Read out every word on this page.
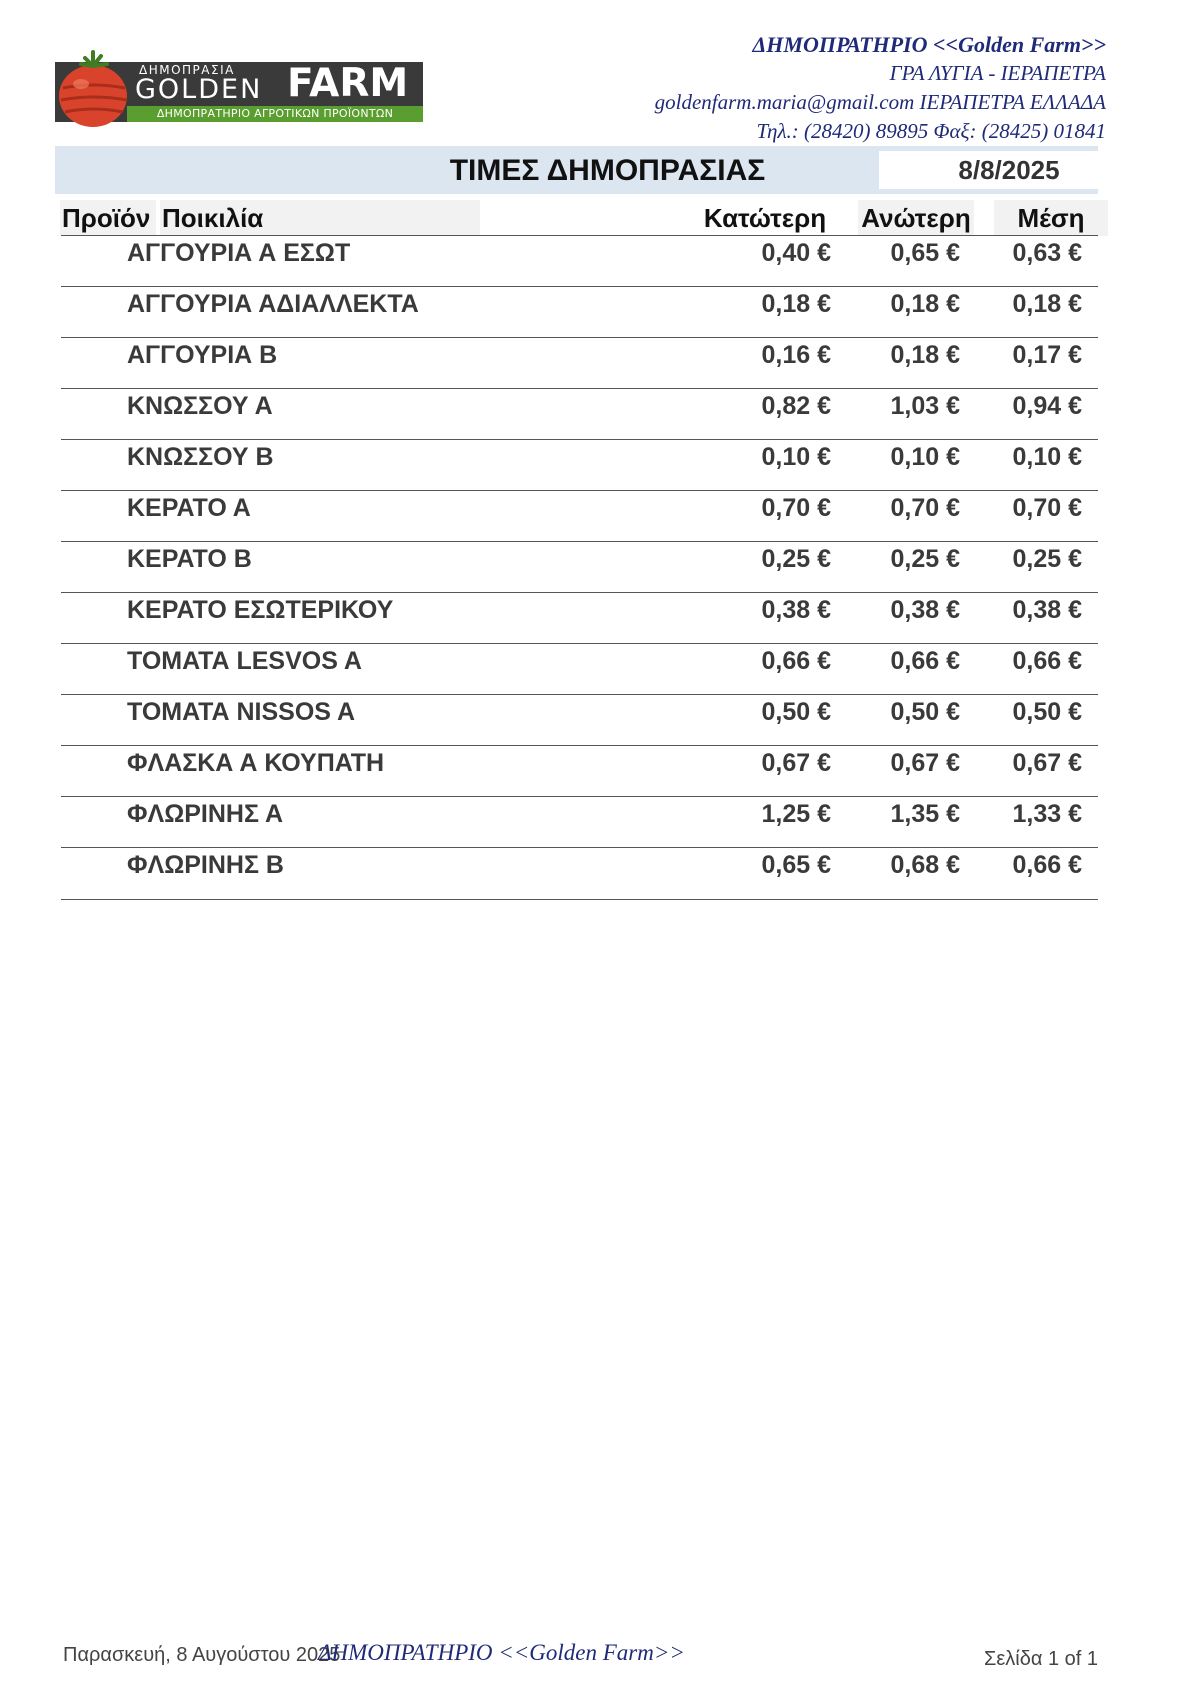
ΔΗΜΟΠΡΑΣΙΑ
GOLDEN FARM
ΔΗΜΟΠΡΑΤΗΡΙΟ ΑΓΡΟΤΙΚΩΝ ΠΡΟΪΟΝΤΩΝ
ΔΗΜΟΠΡΑΤΗΡΙΟ <<Golden Farm>>
ΓΡΑ ΛΥΓΙΑ - ΙΕΡΑΠΕΤΡΑ
goldenfarm.maria@gmail.com ΙΕΡΑΠΕΤΡΑ ΕΛΛΑΔΑ
Τηλ.: (28420) 89895 Φαξ: (28425) 01841
ΤΙΜΕΣ ΔΗΜΟΠΡΑΣΙΑΣ	8/8/2025
Προϊόν Ποικιλία	Κατώτερη Ανώτερη	Μέση
ΑΓΓΟΥΡΙΑ Α ΕΣΩΤ	0,40 € 0,65 € 0,63 €
ΑΓΓΟΥΡΙΑ ΑΔΙΑΛΛΕΚΤΑ	0,18 € 0,18 € 0,18 €
ΑΓΓΟΥΡΙΑ Β	0,16 € 0,18 € 0,17 €
ΚΝΩΣΣΟΥ Α	0,82 € 1,03 € 0,94 €
ΚΝΩΣΣΟΥ Β	0,10 € 0,10 € 0,10 €
ΚΕΡΑΤΟ Α	0,70 € 0,70 € 0,70 €
ΚΕΡΑΤΟ Β	0,25 € 0,25 € 0,25 €
ΚΕΡΑΤΟ ΕΣΩΤΕΡΙΚΟΥ	0,38 € 0,38 € 0,38 €
ΤΟΜΑΤΑ LESVOS A	0,66 € 0,66 € 0,66 €
ΤΟΜΑΤΑ NISSOS A	0,50 € 0,50 € 0,50 €
ΦΛΑΣΚΑ Α ΚΟΥΠΑΤΗ	0,67 € 0,67 € 0,67 €
ΦΛΩΡΙΝΗΣ Α	1,25 € 1,35 € 1,33 €
ΦΛΩΡΙΝΗΣ Β	0,65 € 0,68 € 0,66 €
Παρασκευή, 8 Αυγούστου 2025
ΔΗΜΟΠΡΑΤΗΡΙΟ <<Golden Farm>>	Σελίδα 1 of 1
